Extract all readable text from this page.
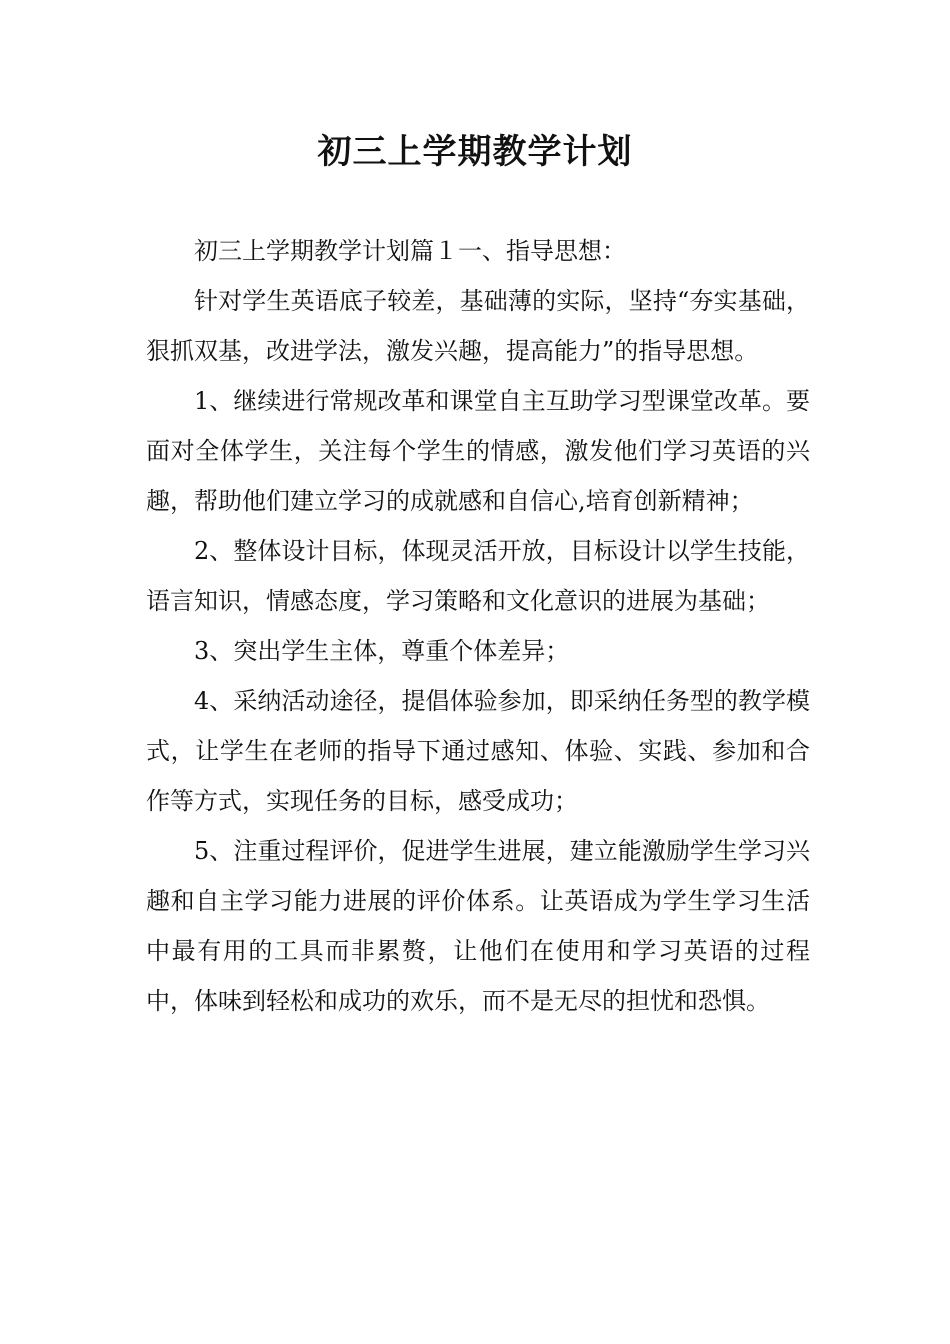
初三上学期教学计划

初三上学期教学计划篇１一、指导思想：

针对学生英语底子较差，基础薄的实际，坚持“夯实基础，狠抓双基，改进学法，激发兴趣，提高能力”的指导思想。

1、继续进行常规改革和课堂自主互助学习型课堂改革。要面对全体学生，关注每个学生的情感，激发他们学习英语的兴趣，帮助他们建立学习的成就感和自信心,培育创新精神；

2、整体设计目标，体现灵活开放，目标设计以学生技能，语言知识，情感态度，学习策略和文化意识的进展为基础；

3、突出学生主体，尊重个体差异；

4、采纳活动途径，提倡体验参加，即采纳任务型的教学模式，让学生在老师的指导下通过感知、体验、实践、参加和合作等方式，实现任务的目标，感受成功；

5、注重过程评价，促进学生进展，建立能激励学生学习兴趣和自主学习能力进展的评价体系。让英语成为学生学习生活中最有用的工具而非累赘，让他们在使用和学习英语的过程中，体味到轻松和成功的欢乐，而不是无尽的担忧和恐惧。
